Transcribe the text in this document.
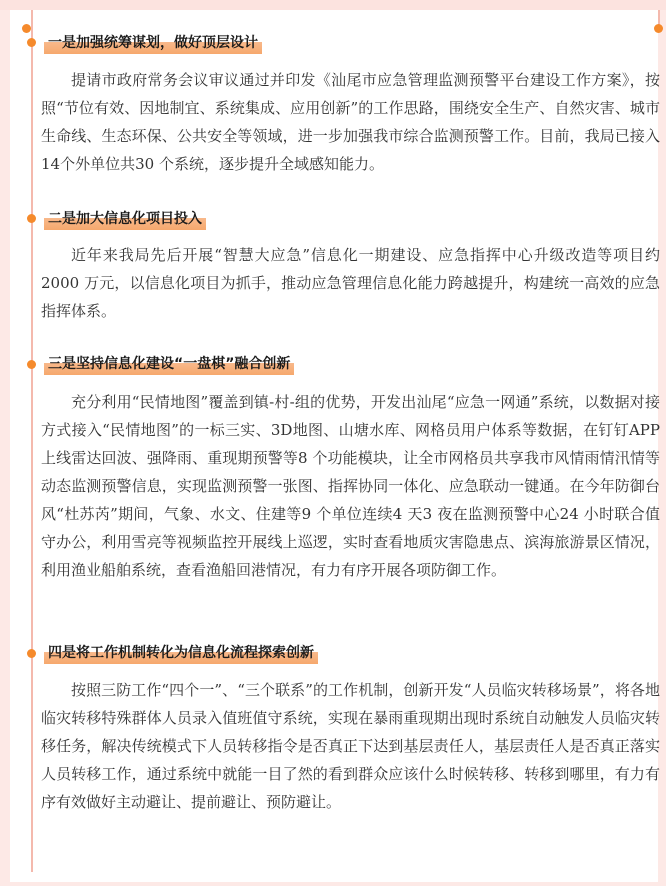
一是加强统筹谋划，做好顶层设计

提请市政府常务会议审议通过并印发《汕尾市应急管理监测预警平台建设工作方案》，按照“节位有效、因地制宜、系统集成、应用创新”的工作思路，围绕安全生产、自然灾害、城市生命线、生态环保、公共安全等领域，进一步加强我市综合监测预警工作。目前，我局已接入14个外单位共30 个系统，逐步提升全域感知能力。

二是加大信息化项目投入

近年来我局先后开展“智慧大应急”信息化一期建设、应急指挥中心升级改造等项目约2000 万元，以信息化项目为抓手，推动应急管理信息化能力跨越提升，构建统一高效的应急指挥体系。

三是坚持信息化建设“一盘棋”融合创新

充分利用“民情地图”覆盖到镇-村-组的优势，开发出汕尾“应急一网通”系统，以数据对接方式接入“民情地图”的一标三实、3D地图、山塘水库、网格员用户体系等数据，在钉钉APP 上线雷达回波、强降雨、重现期预警等8 个功能模块，让全市网格员共享我市风情雨情汛情等动态监测预警信息，实现监测预警一张图、指挥协同一体化、应急联动一键通。在今年防御台风“杜苏芮”期间，气象、水文、住建等9 个单位连续4 天3 夜在监测预警中心24 小时联合值守办公，利用雪亮等视频监控开展线上巡逻，实时查看地质灾害隐患点、滨海旅游景区情况，利用渔业船舶系统，查看渔船回港情况，有力有序开展各项防御工作。

四是将工作机制转化为信息化流程探索创新

按照三防工作“四个一”、“三个联系”的工作机制，创新开发“人员临灾转移场景”，将各地临灾转移特殊群体人员录入值班值守系统，实现在暴雨重现期出现时系统自动触发人员临灾转移任务，解决传统模式下人员转移指令是否真正下达到基层责任人，基层责任人是否真正落实人员转移工作，通过系统中就能一目了然的看到群众应该什么时候转移、转移到哪里，有力有序有效做好主动避让、提前避让、预防避让。
